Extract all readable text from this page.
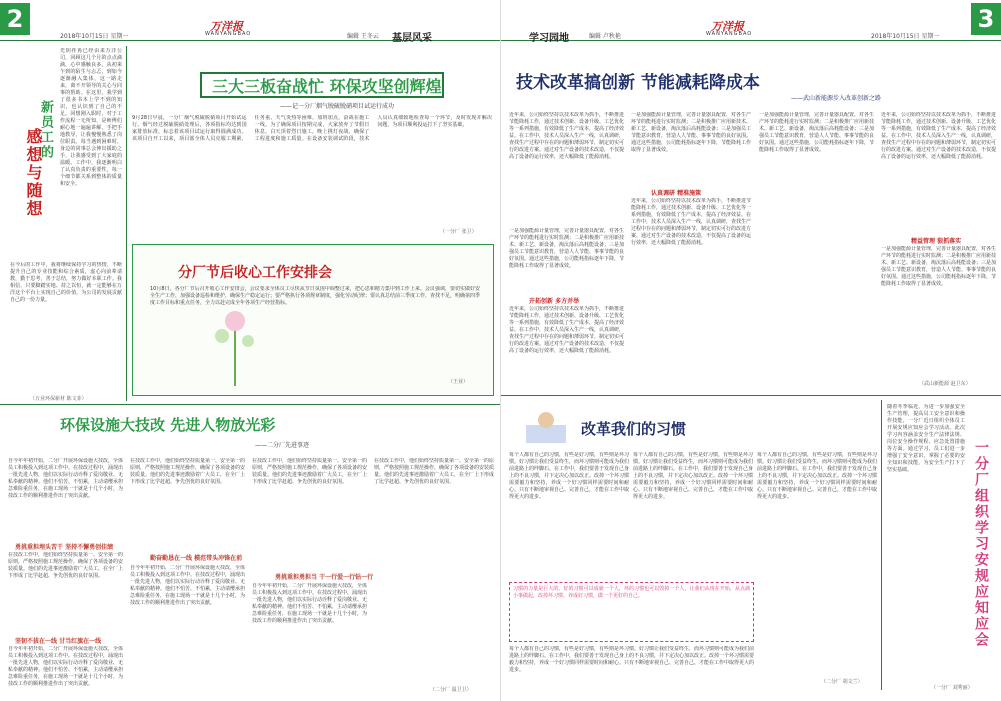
2
2018年10月15日 星期一
万洋报
WANYANGBAO	编辑 王冬云 基层风采
新员工的
感想与随想
光阴荏苒已经由来万洋公司，回顾这几个月的点点滴滴，心中感触良多。从初来乍到的陌生与忐忑，到如今逐渐融入集体，这一路走来，离不开领导的关心与同事的帮助。在这里，我学到了很多书本上学不到的知识，也认识到了自己的不足。回想刚入职时，对于工作流程一无所知，是师傅们耐心地一遍遍讲解，手把手地教导，让我慢慢熟悉了岗位职责。每当遇到困难时，身边的同事总会伸出援助之手，让我感受到了大家庭的温暖。工作中，我逐渐明白了认真负责的重要性，每一个细节都关系到整体的质量和安全。
在今后的工作中，我将继续保持学习的热情，不断提升自己的专业技能和综合素质，虚心向前辈请教，勤于思考，善于总结，努力做好本职工作。我相信，只要脚踏实地、持之以恒，就一定能够在万洋这个平台上实现自己的价值，为公司的发展贡献自己的一份力量。
（万业环保新材 陈文菲）
三大三板奋战忙 环保攻坚创辉煌
——记一分厂烟气脱硫脱硝项目试运行成功
9月28日早晨，一分厂烟气脱硫脱硝项目开始试运行。烟气经过脱硫脱硝处理后，各项指标均达到国家排放标准，标志着该项目试运行取得圆满成功。该项目自开工以来，项目部全体人员克服工期紧、任务重、天气炎热等困难，加班加点，奋战在施工一线。为了确保项目按期完成，大家放弃了节假日休息，白天顶着烈日施工，晚上挑灯夜战，确保了工程进度和施工质量。在设备安装调试阶段，技术人员认真细致地检查每一个环节，及时发现并解决问题，为项目顺利投运打下了坚实基础。
（一分厂 张卫）
分厂节后收心工作安排会
10月8日，各分厂节后召开收心工作安排会，会议要求全体员工尽快从节日氛围中调整过来，把心思和精力集中到工作上来。会议强调，要切实做好安全生产工作，加强设备巡检和维护，确保生产稳定运行；要严格执行各项规章制度，强化劳动纪律；要认真总结前三季度工作，查找不足，明确第四季度工作目标和重点任务，全力以赴完成全年各项生产经营指标。
（王业）
环保设施大技改 先进人物放光彩
——二分厂先进事迹
自今年年初开始，二分厂开展环保设施大技改，全体员工积极投入到这项工作中。在技改过程中，涌现出一批先进人物，他们以实际行动诠释了爱岗敬业、无私奉献的精神。他们不怕苦、不怕累，主动请缨承担急难险重任务，在施工现场一干就是十几个小时，为技改工作的顺利推进作出了突出贡献。
勇挑重担埋头苦干 坚持不懈勇创佳绩
在技改工作中，他们始终坚持质量第一、安全第一的原则，严格按照施工规范操作，确保了各项设备的安装质量。他们的先进事迹激励着广大员工，在全厂上下形成了比学赶超、争先创优的良好氛围。
坚韧不拔在一线 甘当红旗在一线
自今年年初开始，二分厂开展环保设施大技改，全体员工积极投入到这项工作中。在技改过程中，涌现出一批先进人物，他们以实际行动诠释了爱岗敬业、无私奉献的精神。他们不怕苦、不怕累，主动请缨承担急难险重任务，在施工现场一干就是十几个小时，为技改工作的顺利推进作出了突出贡献。
在技改工作中，他们始终坚持质量第一、安全第一的原则，严格按照施工规范操作，确保了各项设备的安装质量。他们的先进事迹激励着广大员工，在全厂上下形成了比学赶超、争先创优的良好氛围。
勤奋勤恳在一线 模范带头冲锋在前
自今年年初开始，二分厂开展环保设施大技改，全体员工积极投入到这项工作中。在技改过程中，涌现出一批先进人物，他们以实际行动诠释了爱岗敬业、无私奉献的精神。他们不怕苦、不怕累，主动请缨承担急难险重任务，在施工现场一干就是十几个小时，为技改工作的顺利推进作出了突出贡献。
在技改工作中，他们始终坚持质量第一、安全第一的原则，严格按照施工规范操作，确保了各项设备的安装质量。他们的先进事迹激励着广大员工，在全厂上下形成了比学赶超、争先创优的良好氛围。
勇挑重担勇担当 干一行爱一行钻一行
自今年年初开始，二分厂开展环保设施大技改，全体员工积极投入到这项工作中。在技改过程中，涌现出一批先进人物，他们以实际行动诠释了爱岗敬业、无私奉献的精神。他们不怕苦、不怕累，主动请缨承担急难险重任务，在施工现场一干就是十几个小时，为技改工作的顺利推进作出了突出贡献。
在技改工作中，他们始终坚持质量第一、安全第一的原则，严格按照施工规范操作，确保了各项设备的安装质量。他们的先进事迹激励着广大员工，在全厂上下形成了比学赶超、争先创优的良好氛围。
（二分厂 温卫卫）
学习园地	编辑 卢秋艳
万洋报
WANYANGBAO	2018年10月15日 星期一
3
技术改革搞创新 节能减耗降成本
——武山新能源步入改革创新之路
近年来，公司始终坚持以技术改革为抓手，不断推进节能降耗工作，通过技术创新、设备升级、工艺优化等一系列措施，有效降低了生产成本，提高了经济效益。在工作中，技术人员深入生产一线，认真调研，查找生产过程中存在的问题和薄弱环节，制定切实可行的改进方案。通过对生产设备的技术改造，不仅提高了设备的运行效率，还大幅降低了能源消耗。
一是加强能源计量管理，完善计量器具配置，对各生产环节的能耗进行实时监测；二是积极推广应用新技术、新工艺、新设备，淘汰落后高耗能设备；三是加强员工节能意识教育，营造人人节能、事事节能的良好氛围。通过这些措施，公司能耗指标逐年下降，节能降耗工作取得了显著成效。
认真调研 精准施策
近年来，公司始终坚持以技术改革为抓手，不断推进节能降耗工作，通过技术创新、设备升级、工艺优化等一系列措施，有效降低了生产成本，提高了经济效益。在工作中，技术人员深入生产一线，认真调研，查找生产过程中存在的问题和薄弱环节，制定切实可行的改进方案。通过对生产设备的技术改造，不仅提高了设备的运行效率，还大幅降低了能源消耗。
一是加强能源计量管理，完善计量器具配置，对各生产环节的能耗进行实时监测；二是积极推广应用新技术、新工艺、新设备，淘汰落后高耗能设备；三是加强员工节能意识教育，营造人人节能、事事节能的良好氛围。通过这些措施，公司能耗指标逐年下降，节能降耗工作取得了显著成效。
开拓创新 多方并举
近年来，公司始终坚持以技术改革为抓手，不断推进节能降耗工作，通过技术创新、设备升级、工艺优化等一系列措施，有效降低了生产成本，提高了经济效益。在工作中，技术人员深入生产一线，认真调研，查找生产过程中存在的问题和薄弱环节，制定切实可行的改进方案。通过对生产设备的技术改造，不仅提高了设备的运行效率，还大幅降低了能源消耗。
一是加强能源计量管理，完善计量器具配置，对各生产环节的能耗进行实时监测；二是积极推广应用新技术、新工艺、新设备，淘汰落后高耗能设备；三是加强员工节能意识教育，营造人人节能、事事节能的良好氛围。通过这些措施，公司能耗指标逐年下降，节能降耗工作取得了显著成效。
近年来，公司始终坚持以技术改革为抓手，不断推进节能降耗工作，通过技术创新、设备升级、工艺优化等一系列措施，有效降低了生产成本，提高了经济效益。在工作中，技术人员深入生产一线，认真调研，查找生产过程中存在的问题和薄弱环节，制定切实可行的改进方案。通过对生产设备的技术改造，不仅提高了设备的运行效率，还大幅降低了能源消耗。
精益管理 狠抓落实
一是加强能源计量管理，完善计量器具配置，对各生产环节的能耗进行实时监测；二是积极推广应用新技术、新工艺、新设备，淘汰落后高耗能设备；三是加强员工节能意识教育，营造人人节能、事事节能的良好氛围。通过这些措施，公司能耗指标逐年下降，节能降耗工作取得了显著成效。
（武山新能源 赵卫东）
改革我们的习惯
每个人都有自己的习惯，有些是好习惯，有些则是坏习惯。好习惯让我们受益终生，而坏习惯则可能成为我们前进路上的绊脚石。在工作中，我们要善于发现自己身上的不良习惯，并下定决心加以改正。改掉一个坏习惯需要毅力和坚持，养成一个好习惯同样需要时间和耐心。只有不断地审视自己、完善自己，才能在工作中取得更大的进步。
每个人都有自己的习惯，有些是好习惯，有些则是坏习惯。好习惯让我们受益终生，而坏习惯则可能成为我们前进路上的绊脚石。在工作中，我们要善于发现自己身上的不良习惯，并下定决心加以改正。改掉一个坏习惯需要毅力和坚持，养成一个好习惯同样需要时间和耐心。只有不断地审视自己、完善自己，才能在工作中取得更大的进步。
每个人都有自己的习惯，有些是好习惯，有些则是坏习惯。好习惯让我们受益终生，而坏习惯则可能成为我们前进路上的绊脚石。在工作中，我们要善于发现自己身上的不良习惯，并下定决心加以改正。改掉一个坏习惯需要毅力和坚持，养成一个好习惯同样需要时间和耐心。只有不断地审视自己、完善自己，才能在工作中取得更大的进步。
习惯的力量是巨大的，好的习惯可以成就一个人，坏的习惯也可以毁掉一个人。让我们从现在开始，从点滴小事做起，改掉坏习惯，养成好习惯，做一个更好的自己。
每个人都有自己的习惯，有些是好习惯，有些则是坏习惯。好习惯让我们受益终生，而坏习惯则可能成为我们前进路上的绊脚石。在工作中，我们要善于发现自己身上的不良习惯，并下定决心加以改正。改掉一个坏习惯需要毅力和坚持，养成一个好习惯同样需要时间和耐心。只有不断地审视自己、完善自己，才能在工作中取得更大的进步。
（二分厂 胡文兰）
一分厂组织学习安规应知应会
随着冬季临近，为进一步加强安全生产管理，提高员工安全意识和操作技能，一分厂近日组织全体员工开展安规应知应会学习活动。此次学习内容涵盖安全生产法律法规、岗位安全操作规程、应急处置措施等方面。通过学习，员工们进一步增强了安全意识，掌握了必要的安全知识和技能，为安全生产打下了坚实基础。
（一分厂 刘秀丽）
